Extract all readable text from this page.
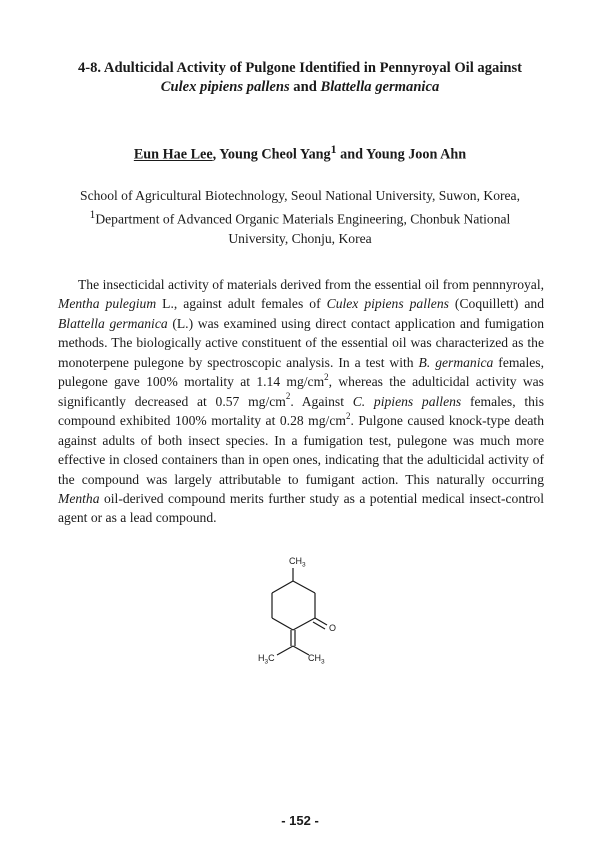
4-8. Adulticidal Activity of Pulgone Identified in Pennyroyal Oil against
Culex pipiens pallens and Blattella germanica
Eun Hae Lee, Young Cheol Yang$^1$ and Young Joon Ahn
School of Agricultural Biotechnology, Seoul National University, Suwon, Korea,
$^1$Department of Advanced Organic Materials Engineering, Chonbuk National
University, Chonju, Korea

The insecticidal activity of materials derived from the essential oil from pennnyroyal, Mentha pulegium L., against adult females of Culex pipiens pallens (Coquillett) and Blattella germanica (L.) was examined using direct contact application and fumigation methods. The biologically active constituent of the essential oil was characterized as the monoterpene pulegone by spectroscopic analysis. In a test with B. germanica females, pulegone gave 100% mortality at 1.14 $mg/cm^2$, whereas the adulticidal activity was significantly decreased at 0.57 $mg/cm^2$. Against C. pipiens pallens females, this compound exhibited 100% mortality at 0.28 $mg/cm^2$. Pulgone caused knock-type death against adults of both insect species. In a fumigation test, pulegone was much more effective in closed containers than in open ones, indicating that the adulticidal activity of the compound was largely attributable to fumigant action. This naturally occurring Mentha oil-derived compound merits further study as a potential medical insect-control agent or as a lead compound.

$CH_3$
O
$H_3C$	$CH_3$
- 152 -
